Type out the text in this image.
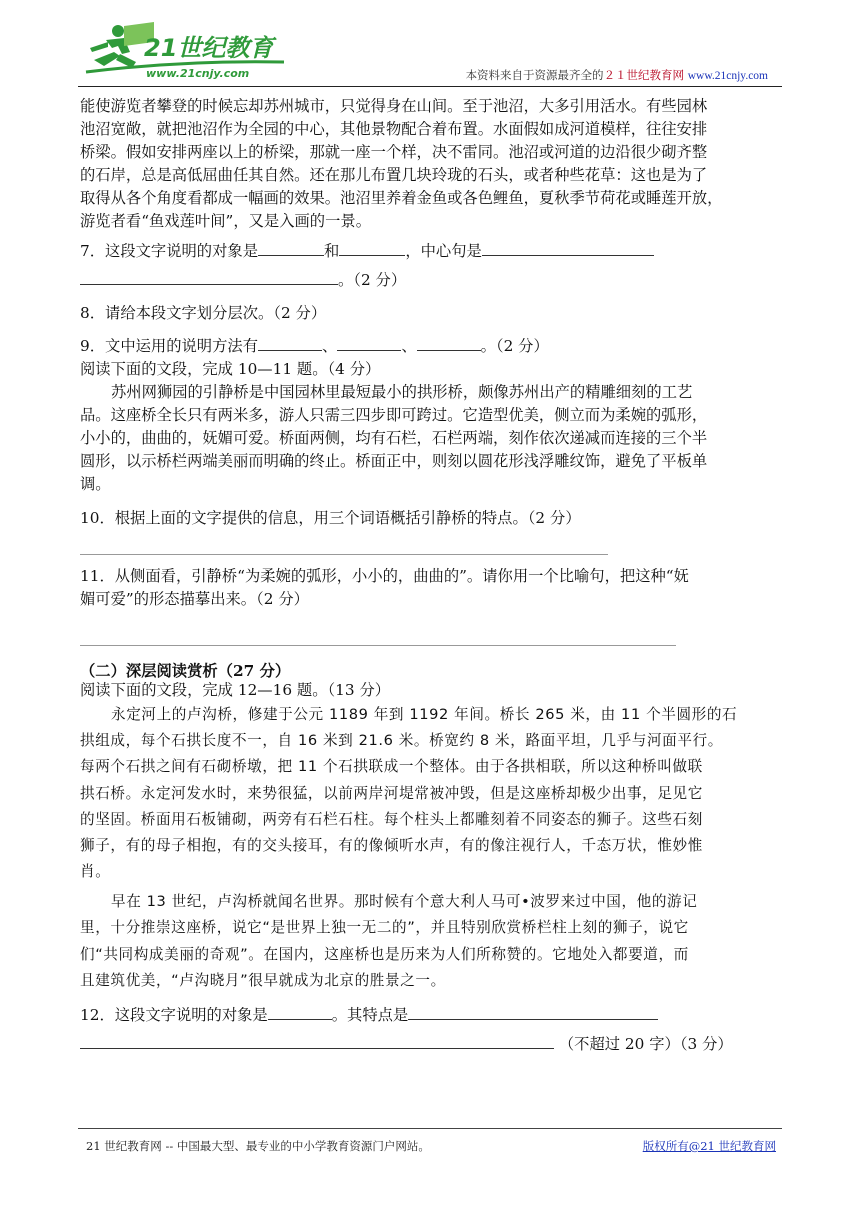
21世纪教育
www.21cnjy.com	本资料来自于资源最齐全的２１世纪教育网 www.21cnjy.com
能使游览者攀登的时候忘却苏州城市，只觉得身在山间。至于池沼，大多引用活水。有些园林
池沼宽敞，就把池沼作为全园的中心，其他景物配合着布置。水面假如成河道模样，往往安排
桥梁。假如安排两座以上的桥梁，那就一座一个样，决不雷同。池沼或河道的边沿很少砌齐整
的石岸，总是高低屈曲任其自然。还在那儿布置几块玲珑的石头，或者种些花草：这也是为了
取得从各个角度看都成一幅画的效果。池沼里养着金鱼或各色鲤鱼，夏秋季节荷花或睡莲开放，
游览者看“鱼戏莲叶间”，又是入画的一景。
7．这段文字说明的对象是	和	，中心句是
。（2 分）
8．请给本段文字划分层次。（2 分）
9．文中运用的说明方法有	、	、	。（2 分）
阅读下面的文段，完成 10—11 题。（4 分）
苏州网狮园的引静桥是中国园林里最短最小的拱形桥，颇像苏州出产的精雕细刻的工艺
品。这座桥全长只有两米多，游人只需三四步即可跨过。它造型优美，侧立而为柔婉的弧形，
小小的，曲曲的，妩媚可爱。桥面两侧，均有石栏，石栏两端，刻作依次递减而连接的三个半
圆形，以示桥栏两端美丽而明确的终止。桥面正中，则刻以圆花形浅浮雕纹饰，避免了平板单
调。
10．根据上面的文字提供的信息，用三个词语概括引静桥的特点。（2 分）
11．从侧面看，引静桥“为柔婉的弧形，小小的，曲曲的”。请你用一个比喻句，把这种“妩
媚可爱”的形态描摹出来。（2 分）
（二）深层阅读赏析（27 分）
阅读下面的文段，完成 12—16 题。（13 分）
永定河上的卢沟桥，修建于公元 1189 年到 1192 年间。桥长 265 米，由 11 个半圆形的石
拱组成，每个石拱长度不一，自 16 米到 21.6 米。桥宽约 8 米，路面平坦，几乎与河面平行。
每两个石拱之间有石砌桥墩，把 11 个石拱联成一个整体。由于各拱相联，所以这种桥叫做联
拱石桥。永定河发水时，来势很猛，以前两岸河堤常被冲毁，但是这座桥却极少出事，足见它
的坚固。桥面用石板铺砌，两旁有石栏石柱。每个柱头上都雕刻着不同姿态的狮子。这些石刻
狮子，有的母子相抱，有的交头接耳，有的像倾听水声，有的像注视行人，千态万状，惟妙惟
肖。
早在 13 世纪，卢沟桥就闻名世界。那时候有个意大利人马可•波罗来过中国，他的游记
里，十分推崇这座桥，说它“是世界上独一无二的”，并且特别欣赏桥栏柱上刻的狮子，说它
们“共同构成美丽的奇观”。在国内，这座桥也是历来为人们所称赞的。它地处入都要道，而
且建筑优美，“卢沟晓月”很早就成为北京的胜景之一。
12．这段文字说明的对象是	。其特点是
（不超过 20 字）（3 分）
21 世纪教育网 -- 中国最大型、最专业的中小学教育资源门户网站。	版权所有@21 世纪教育网
